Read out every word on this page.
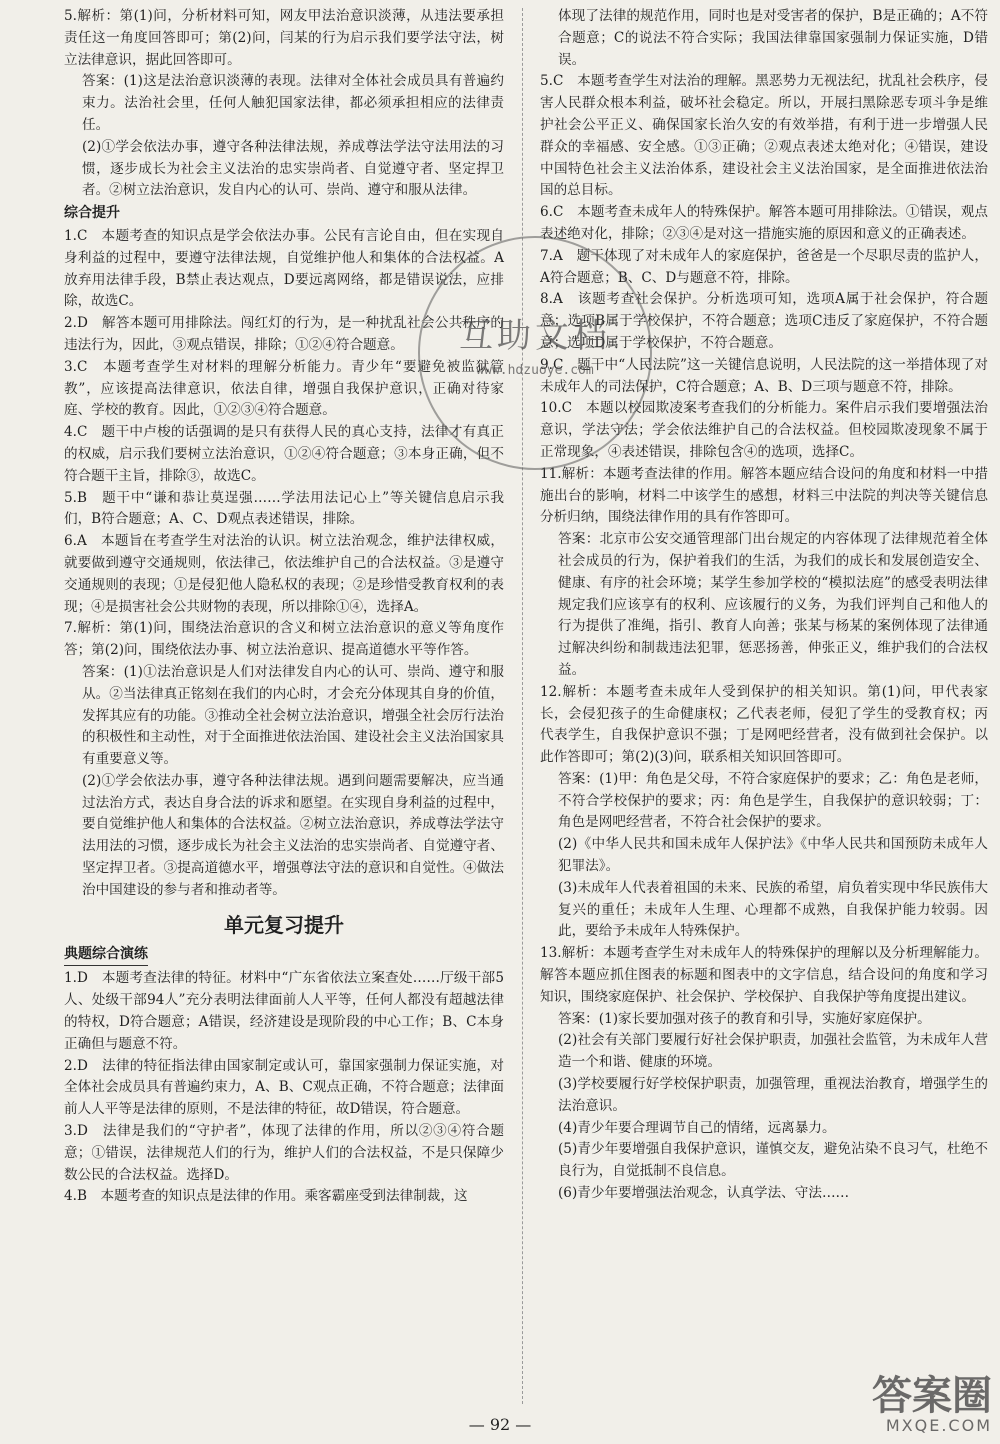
5.解析：第(1)问，分析材料可知，网友甲法治意识淡薄，从违法要承担责任这一角度回答即可；第(2)问，闫某的行为启示我们要学法守法，树立法律意识，据此回答即可。

答案：(1)这是法治意识淡薄的表现。法律对全体社会成员具有普遍约束力。法治社会里，任何人触犯国家法律，都必须承担相应的法律责任。

(2)①学会依法办事，遵守各种法律法规，养成尊法学法守法用法的习惯，逐步成长为社会主义法治的忠实崇尚者、自觉遵守者、坚定捍卫者。②树立法治意识，发自内心的认可、崇尚、遵守和服从法律。

综合提升

1.C　本题考查的知识点是学会依法办事。公民有言论自由，但在实现自身利益的过程中，要遵守法律法规，自觉维护他人和集体的合法权益。A放弃用法律手段，B禁止表达观点，D要远离网络，都是错误说法，应排除，故选C。

2.D　解答本题可用排除法。闯红灯的行为，是一种扰乱社会公共秩序的违法行为，因此，③观点错误，排除；①②④符合题意。

3.C　本题考查学生对材料的理解分析能力。青少年“要避免被监狱管教”，应该提高法律意识，依法自律，增强自我保护意识，正确对待家庭、学校的教育。因此，①②③④符合题意。

4.C　题干中卢梭的话强调的是只有获得人民的真心支持，法律才有真正的权威，启示我们要树立法治意识，①②④符合题意；③本身正确，但不符合题干主旨，排除③，故选C。

5.B　题干中“谦和恭让莫逞强……学法用法记心上”等关键信息启示我们，B符合题意；A、C、D观点表述错误，排除。

6.A　本题旨在考查学生对法治的认识。树立法治观念，维护法律权威，就要做到遵守交通规则，依法律己，依法维护自己的合法权益。③是遵守交通规则的表现；①是侵犯他人隐私权的表现；②是珍惜受教育权利的表现；④是损害社会公共财物的表现，所以排除①④，选择A。

7.解析：第(1)问，围绕法治意识的含义和树立法治意识的意义等角度作答；第(2)问，围绕依法办事、树立法治意识、提高道德水平等作答。

答案：(1)①法治意识是人们对法律发自内心的认可、崇尚、遵守和服从。②当法律真正铭刻在我们的内心时，才会充分体现其自身的价值，发挥其应有的功能。③推动全社会树立法治意识，增强全社会厉行法治的积极性和主动性，对于全面推进依法治国、建设社会主义法治国家具有重要意义等。

(2)①学会依法办事，遵守各种法律法规。遇到问题需要解决，应当通过法治方式，表达自身合法的诉求和愿望。在实现自身利益的过程中，要自觉维护他人和集体的合法权益。②树立法治意识，养成尊法学法守法用法的习惯，逐步成长为社会主义法治的忠实崇尚者、自觉遵守者、坚定捍卫者。③提高道德水平，增强尊法守法的意识和自觉性。④做法治中国建设的参与者和推动者等。

单元复习提升
典题综合演练

1.D　本题考查法律的特征。材料中“广东省依法立案查处……厅级干部5人、处级干部94人”充分表明法律面前人人平等，任何人都没有超越法律的特权，D符合题意；A错误，经济建设是现阶段的中心工作；B、C本身正确但与题意不符。

2.D　法律的特征指法律由国家制定或认可，靠国家强制力保证实施，对全体社会成员具有普遍约束力，A、B、C观点正确，不符合题意；法律面前人人平等是法律的原则，不是法律的特征，故D错误，符合题意。

3.D　法律是我们的“守护者”，体现了法律的作用，所以②③④符合题意；①错误，法律规范人们的行为，维护人们的合法权益，不是只保障少数公民的合法权益。选择D。

4.B　本题考查的知识点是法律的作用。乘客霸座受到法律制裁，这

体现了法律的规范作用，同时也是对受害者的保护，B是正确的；A不符合题意；C的说法不符合实际；我国法律靠国家强制力保证实施，D错误。

5.C　本题考查学生对法治的理解。黑恶势力无视法纪，扰乱社会秩序，侵害人民群众根本利益，破坏社会稳定。所以，开展扫黑除恶专项斗争是维护社会公平正义、确保国家长治久安的有效举措，有利于进一步增强人民群众的幸福感、安全感。①③正确；②观点表述太绝对化；④错误，建设中国特色社会主义法治体系，建设社会主义法治国家，是全面推进依法治国的总目标。

6.C　本题考查未成年人的特殊保护。解答本题可用排除法。①错误，观点表述绝对化，排除；②③④是对这一措施实施的原因和意义的正确表述。

7.A　题干体现了对未成年人的家庭保护，爸爸是一个尽职尽责的监护人，A符合题意；B、C、D与题意不符，排除。

8.A　该题考查社会保护。分析选项可知，选项A属于社会保护，符合题意；选项B属于学校保护，不符合题意；选项C违反了家庭保护，不符合题意；选项D属于学校保护，不符合题意。

9.C　题干中“人民法院”这一关键信息说明，人民法院的这一举措体现了对未成年人的司法保护，C符合题意；A、B、D三项与题意不符，排除。

10.C　本题以校园欺凌案考查我们的分析能力。案件启示我们要增强法治意识，学法守法；学会依法维护自己的合法权益。但校园欺凌现象不属于正常现象，④表述错误，排除包含④的选项，选择C。

11.解析：本题考查法律的作用。解答本题应结合设问的角度和材料一中措施出台的影响，材料二中该学生的感想，材料三中法院的判决等关键信息分析归纳，围绕法律作用的具有作答即可。

答案：北京市公安交通管理部门出台规定的内容体现了法律规范着全体社会成员的行为，保护着我们的生活，为我们的成长和发展创造安全、健康、有序的社会环境；某学生参加学校的“模拟法庭”的感受表明法律规定我们应该享有的权利、应该履行的义务，为我们评判自己和他人的行为提供了准绳，指引、教育人向善；张某与杨某的案例体现了法律通过解决纠纷和制裁违法犯罪，惩恶扬善，伸张正义，维护我们的合法权益。

12.解析：本题考查未成年人受到保护的相关知识。第(1)问，甲代表家长，会侵犯孩子的生命健康权；乙代表老师，侵犯了学生的受教育权；丙代表学生，自我保护意识不强；丁是网吧经营者，没有做到社会保护。以此作答即可；第(2)(3)问，联系相关知识回答即可。

答案：(1)甲：角色是父母，不符合家庭保护的要求；乙：角色是老师，不符合学校保护的要求；丙：角色是学生，自我保护的意识较弱；丁：角色是网吧经营者，不符合社会保护的要求。

(2)《中华人民共和国未成年人保护法》《中华人民共和国预防未成年人犯罪法》。

(3)未成年人代表着祖国的未来、民族的希望，肩负着实现中华民族伟大复兴的重任；未成年人生理、心理都不成熟，自我保护能力较弱。因此，要给予未成年人特殊保护。

13.解析：本题考查学生对未成年人的特殊保护的理解以及分析理解能力。解答本题应抓住图表的标题和图表中的文字信息，结合设问的角度和学习知识，围绕家庭保护、社会保护、学校保护、自我保护等角度提出建议。

答案：(1)家长要加强对孩子的教育和引导，实施好家庭保护。

(2)社会有关部门要履行好社会保护职责，加强社会监管，为未成年人营造一个和谐、健康的环境。

(3)学校要履行好学校保护职责，加强管理，重视法治教育，增强学生的法治意识。

(4)青少年要合理调节自己的情绪，远离暴力。

(5)青少年要增强自我保护意识，谨慎交友，避免沾染不良习气，杜绝不良行为，自觉抵制不良信息。

(6)青少年要增强法治观念，认真学法、守法……

互助文档
www.hdzuoye.com
— 92 —
答案圈
MXQE.COM
